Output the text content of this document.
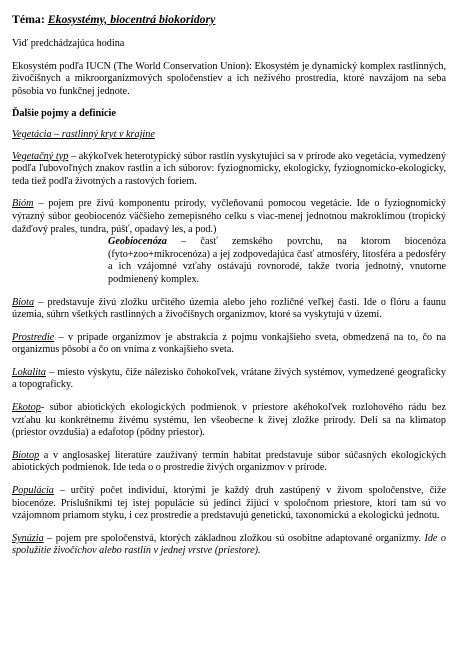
Téma: Ekosystémy, biocentrá biokoridory

Viď predchádzajúca hodina

Ekosystém podľa IUCN (The World Conservation Union): Ekosystém je dynamický komplex rastlinných, živočíšnych a mikroorganizmových spoločenstiev a ich neživého prostredia, ktoré navzájom na seba pôsobia vo funkčnej jednote.

Ďalšie pojmy a definície
Vegetácia – rastlinný kryt v krajine

Vegetačný typ – akýkoľvek heterotypický súbor rastlín vyskytujúci sa v prírode ako vegetácia, vymedzený podľa ľubovoľných znakov rastlín a ich súborov: fyziognomicky, ekologicky, fyziognomicko-ekologicky, teda tiež podľa životných a rastových foriem.

Bióm – pojem pre živú komponentu prírody, vyčleňovanú pomocou vegetácie. Ide o fyziognomický výrazný súbor geobiocenóz väčšieho zemepisného celku s viac-menej jednotnou makroklímou (tropický dažďový prales, tundra, púšť, opadavý les, a pod.)

Geobiocenóza – časť zemského povrchu, na ktorom biocenóza (fyto+zoo+mikrocenóza) a jej zodpovedajúca časť atmosféry, litosféra a pedosféry a ich vzájomné vzťahy ostávajú rovnorodé, takže tvoria jednotný, vnutorne podmienený komplex.

Biota – predstavuje živú zložku určitého územia alebo jeho rozličné veľkej časti. Ide o flóru a faunu územia, súhrn všetkých rastlinných a živočíšnych organizmov, ktoré sa vyskytujú v území.

Prostredie – v prípade organizmov je abstrakcia z pojmu vonkajšieho sveta, obmedzená na to, čo na organizmus pôsobí a čo on vníma z vonkajšieho sveta.

Lokalita – miesto výskytu, čiže nálezisko čohokoľvek, vrátane živých systémov, vymedzené geograficky a topograficky.

Ekotop- súbor abiotických ekologických podmienok v priestore akéhokoľvek rozlohového rádu bez vzťahu ku konkrétnemu živému systému, len všeobecne k živej zložke prírody. Delí sa na klimatop (priestor ovzdušia) a edafotop (pôdny priestor).

Biotop a v anglosaskej literatúre zaužívaný termín habitat predstavuje súbor súčasných ekologických abiotických podmienok. Ide teda o o prostredie živých organizmov v prírode.

Populácia – určitý počet individuí, ktorými je každý druh zastúpený v živom spoločenstve, čiže biocenóze. Príslušníkmi tej istej populácie sú jedinci žijúci v spoločnom priestore, ktorí tam sú vo vzájomnom priamom styku, i cez prostredie a predstavujú genetickú, taxonomickú a ekologickú jednotu.

Synúzia – pojem pre spoločenstvá, ktorých základnou zložkou sú osobitne adaptované organizmy. Ide o spolužitie živočíchov alebo rastlín v jednej vrstve (priestore).
